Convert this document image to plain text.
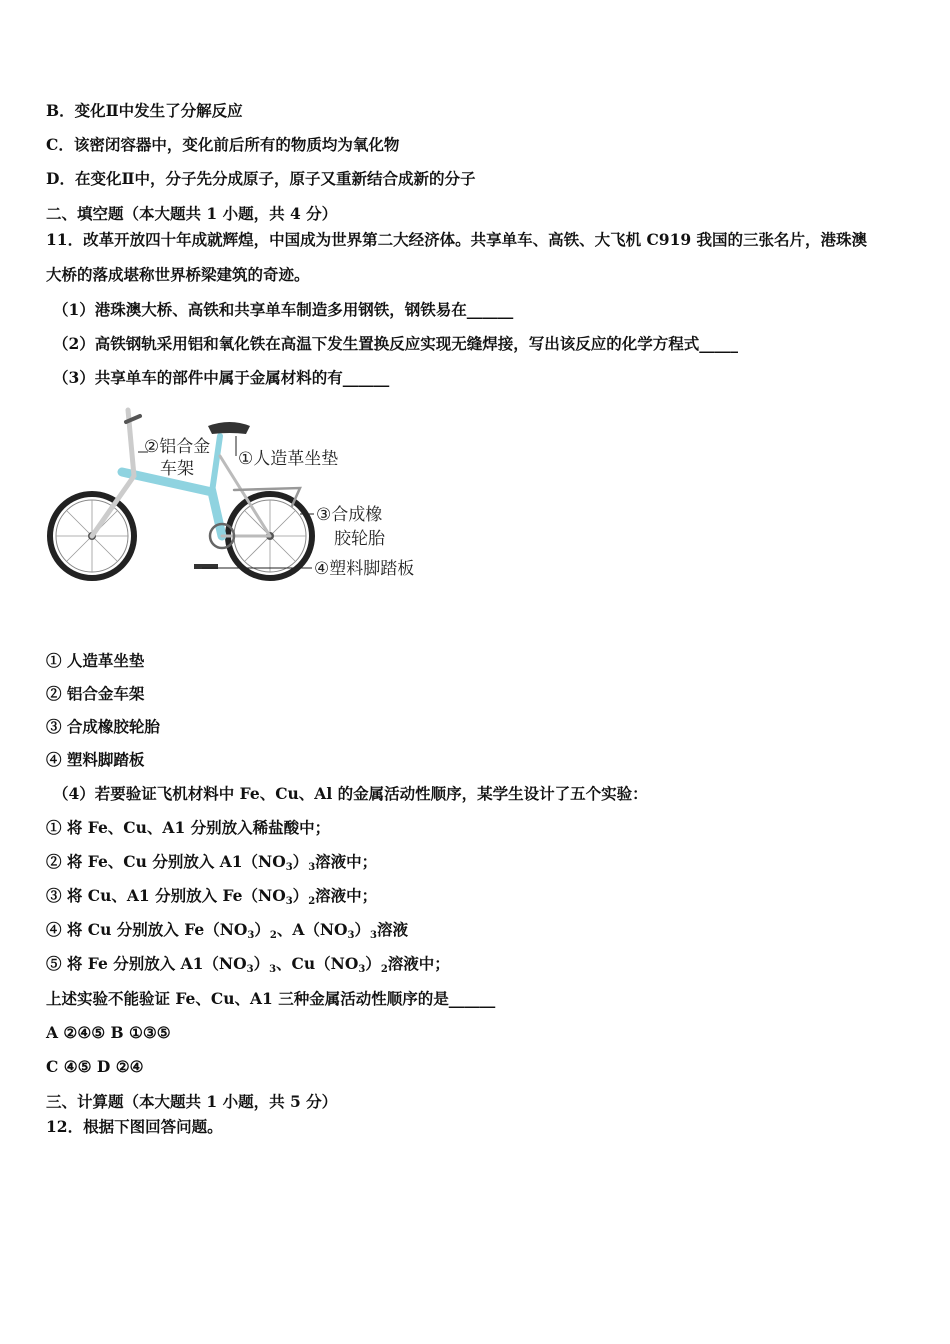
B．变化Ⅱ中发生了分解反应
C．该密闭容器中，变化前后所有的物质均为氧化物
D．在变化Ⅱ中，分子先分成原子，原子又重新结合成新的分子
二、填空题（本大题共 1 小题，共 4 分）
11．改革开放四十年成就辉煌，中国成为世界第二大经济体。共享单车、高铁、大飞机 C919 我国的三张名片，港珠澳
大桥的落成堪称世界桥梁建筑的奇迹。
（1）港珠澳大桥、高铁和共享单车制造多用钢铁，钢铁易在______
（2）高铁钢轨采用铝和氧化铁在高温下发生置换反应实现无缝焊接，写出该反应的化学方程式_____
（3）共享单车的部件中属于金属材料的有______
①人造革坐垫
②铝合金
车架
③合成橡
胶轮胎
④塑料脚踏板
① 人造革坐垫
② 铝合金车架
③ 合成橡胶轮胎
④ 塑料脚踏板
（4）若要验证飞机材料中 Fe、Cu、Al 的金属活动性顺序，某学生设计了五个实验：
① 将 Fe、Cu、A1 分别放入稀盐酸中；
② 将 Fe、Cu 分别放入 $A1(NO_3)_3$溶液中；
③ 将 Cu、A1 分别放入 $Fe(NO_3)_2$溶液中；
④ 将 Cu 分别放入 $Fe(NO_3)_2$、$A(NO_3)_3$溶液
⑤ 将 Fe 分别放入 $A1(NO_3)_3$、$Cu(NO_3)_2$溶液中；
上述实验不能验证 Fe、Cu、A1 三种金属活动性顺序的是______
A ②④⑤ B ①③⑤
C ④⑤ D ②④
三、计算题（本大题共 1 小题，共 5 分）
12．根据下图回答问题。
